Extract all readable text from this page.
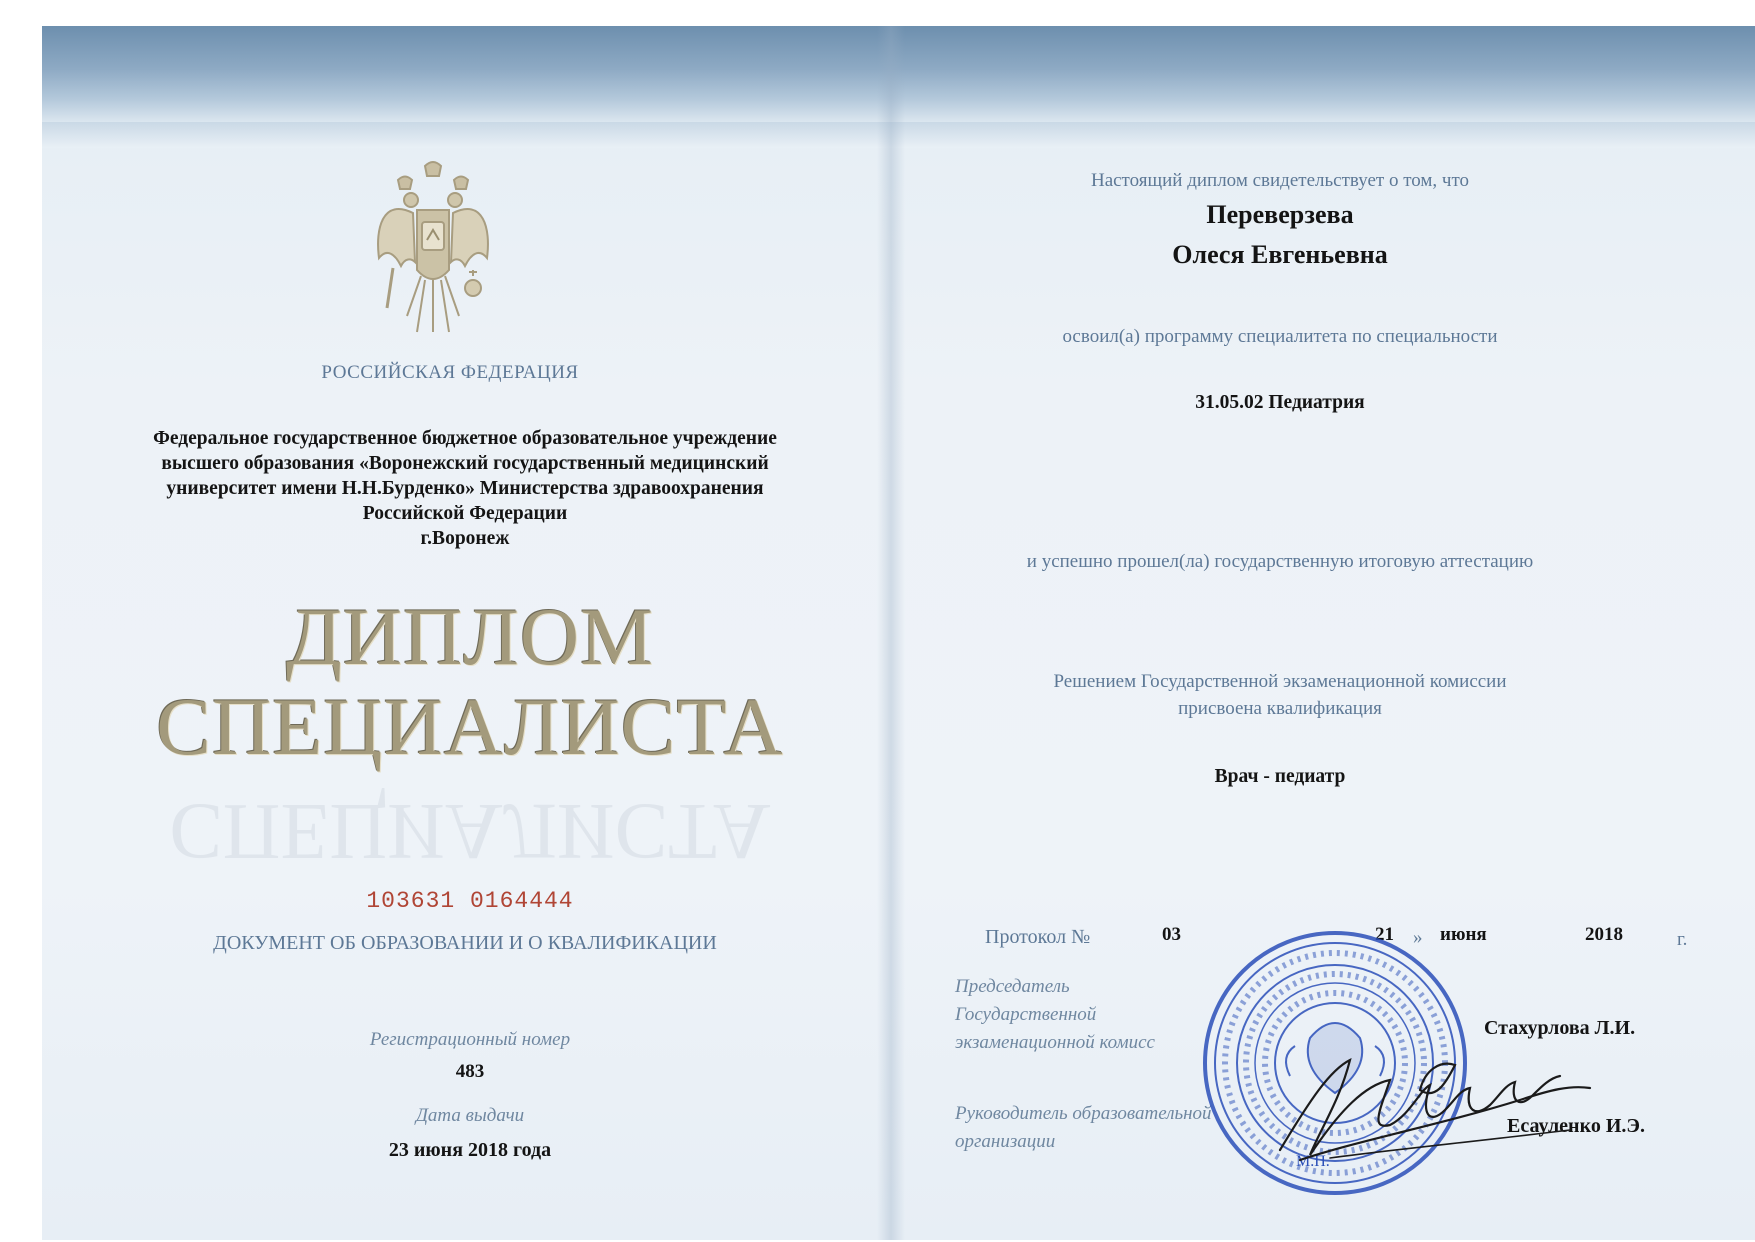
РОССИЙСКАЯ ФЕДЕРАЦИЯ
Федеральное государственное бюджетное образовательное учреждение
высшего образования «Воронежский государственный медицинский
университет имени Н.Н.Бурденко» Министерства здравоохранения
Российской Федерации
г.Воронеж
СПЕЦИАЛИСТА
ДИПЛОМ
СПЕЦИАЛИСТА
103631 0164444
ДОКУМЕНТ ОБ ОБРАЗОВАНИИ И О КВАЛИФИКАЦИИ
Регистрационный номер
483
Дата выдачи
23 июня 2018 года
Настоящий диплом свидетельствует о том, что
Переверзева
Олеся Евгеньевна
освоил(а) программу специалитета по специальности
31.05.02 Педиатрия
и успешно прошел(ла) государственную итоговую аттестацию
Решением Государственной экзаменационной комиссии
присвоена квалификация
Врач - педиатр
Протокол №	03	21 » июня	2018	г.
Председатель
Государственной
экзаменационной комисс
Стахурлова Л.И.
Руководитель образовательной
организации
Есауленко И.Э.
М.П.
